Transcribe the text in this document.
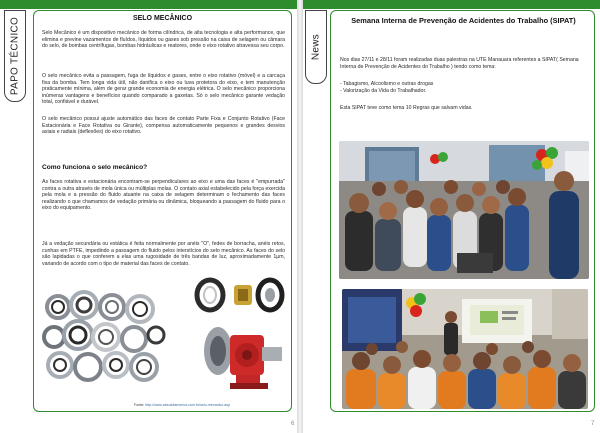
PAPO TÉCNICO	SELO MECÂNICO

Selo Mecânico é um dispositivo mecânico de forma cilíndrica, de alta tecnologia e alta performance, que elimina e previne vazamentos de fluídos, líquidos ou gases sob pressão na caixa de selagem ou câmara do selo, de bombas centrífugas, bombas hidráulicas e reatores, onde o eixo rotativo atravessa seu corpo.

O selo mecânico evita a passagem, fuga de líquidos e gases, entre o eixo rotativo (móvel) e a carcaça fixa da bomba. Tem longa vida útil, não danifica o eixo ou luva protetora do eixo, e tem manutenção praticamente mínima, além de gerar grande economia de energia elétrica. O selo mecânico proporciona inúmeras vantagens e benefícios quando comparado a gaxetas. Só o selo mecânico garante vedação total, confiável e durável.

O selo mecânico possui ajuste automático das faces de contato Parte Fixa e Conjunto Rotativo (Face Estacionária e Face Rotativa ou Girante), compensa automaticamente pequenos e grandes desvios axiais e radiais (deflexões) do eixo rotativo.

Como funciona o selo mecânico?

As faces rotativa e estacionária encontram-se perpendiculares ao eixo e uma das faces é "empurrada" contra a outra através de mola única ou múltiplas molas. O contato axial estabelecido pela força exercida pela mola e a pressão do fluido atuante na caixa de selagem determinam o fechamento das faces realizando o que chamamos de vedação primária ou dinâmica, bloqueando a passagem do fluido para o eixo do equipamento.

Já a vedação secundária ou estática é feita normalmente por anéis "O", fedes de borracha, anéis retos, cunhas em PTFE, impedindo a passagem do fluido pelos interstícios do selo mecânico. As faces do selo são lapidadas o que conferem a elas uma rugosidade de três bandas de luz, aproximadamente 1µm, variando de acordo com o tipo de material das faces de contato.

Fonte: http://www.absolutamerica.com.br/selo-mecanico.asp
6
News
Semana Interna de Prevenção de Acidentes do Trabalho (SIPAT)

Nos dias 27/11 e 28/11 foram realizadas duas palestras na UTE Manauara referentes a SIPAT( Semana Interna de Prevenção de Acidentes do Trabalho ) tendo como tema:

- Tabagismo, Alcoolismo e outras drogas
- Valorização da Vida do Trabalhador.

Esta SIPAT teve como tema 10 Regras que salvam vidas.

7
